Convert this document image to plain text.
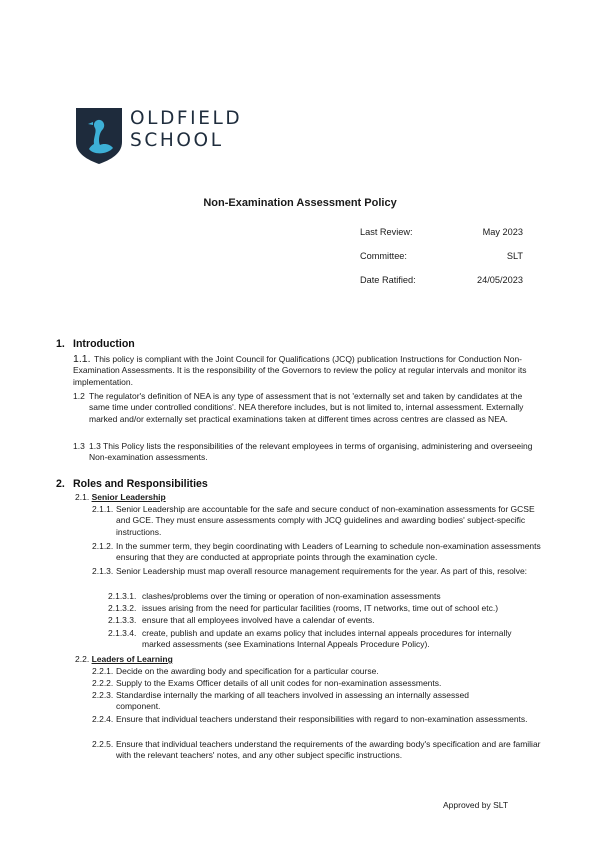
OLDFIELD
SCHOOL
Non-Examination Assessment Policy
Last Review:	May 2023
Committee:	SLT
Date Ratified:	24/05/2023
1. Introduction
1.1. This policy is compliant with the Joint Council for Qualifications (JCQ) publication Instructions for Conduction Non-Examination Assessments. It is the responsibility of the Governors to review the policy at regular intervals and monitor its implementation.
1.2 The regulator's definition of NEA is any type of assessment that is not 'externally set and taken by candidates at the same time under controlled conditions'. NEA therefore includes, but is not limited to, internal assessment. Externally marked and/or externally set practical examinations taken at different times across centres are classed as NEA.
1.3 1.3 This Policy lists the responsibilities of the relevant employees in terms of organising, administering and overseeing Non-examination assessments.
2. Roles and Responsibilities
2.1. Senior Leadership
2.1.1. Senior Leadership are accountable for the safe and secure conduct of non-examination assessments for GCSE and GCE. They must ensure assessments comply with JCQ guidelines and awarding bodies' subject-specific instructions.
2.1.2. In the summer term, they begin coordinating with Leaders of Learning to schedule non-examination assessments ensuring that they are conducted at appropriate points through the examination cycle.
2.1.3. Senior Leadership must map overall resource management requirements for the year. As part of this, resolve:
2.1.3.1. clashes/problems over the timing or operation of non-examination assessments
2.1.3.2. issues arising from the need for particular facilities (rooms, IT networks, time out of school etc.)
2.1.3.3. ensure that all employees involved have a calendar of events.
2.1.3.4. create, publish and update an exams policy that includes internal appeals procedures for internally marked assessments (see Examinations Internal Appeals Procedure Policy).
2.2. Leaders of Learning
2.2.1. Decide on the awarding body and specification for a particular course.
2.2.2. Supply to the Exams Officer details of all unit codes for non-examination assessments.
2.2.3. Standardise internally the marking of all teachers involved in assessing an internally assessed component.
2.2.4. Ensure that individual teachers understand their responsibilities with regard to non-examination assessments.
2.2.5. Ensure that individual teachers understand the requirements of the awarding body's specification and are familiar with the relevant teachers' notes, and any other subject specific instructions.
Approved by SLT
